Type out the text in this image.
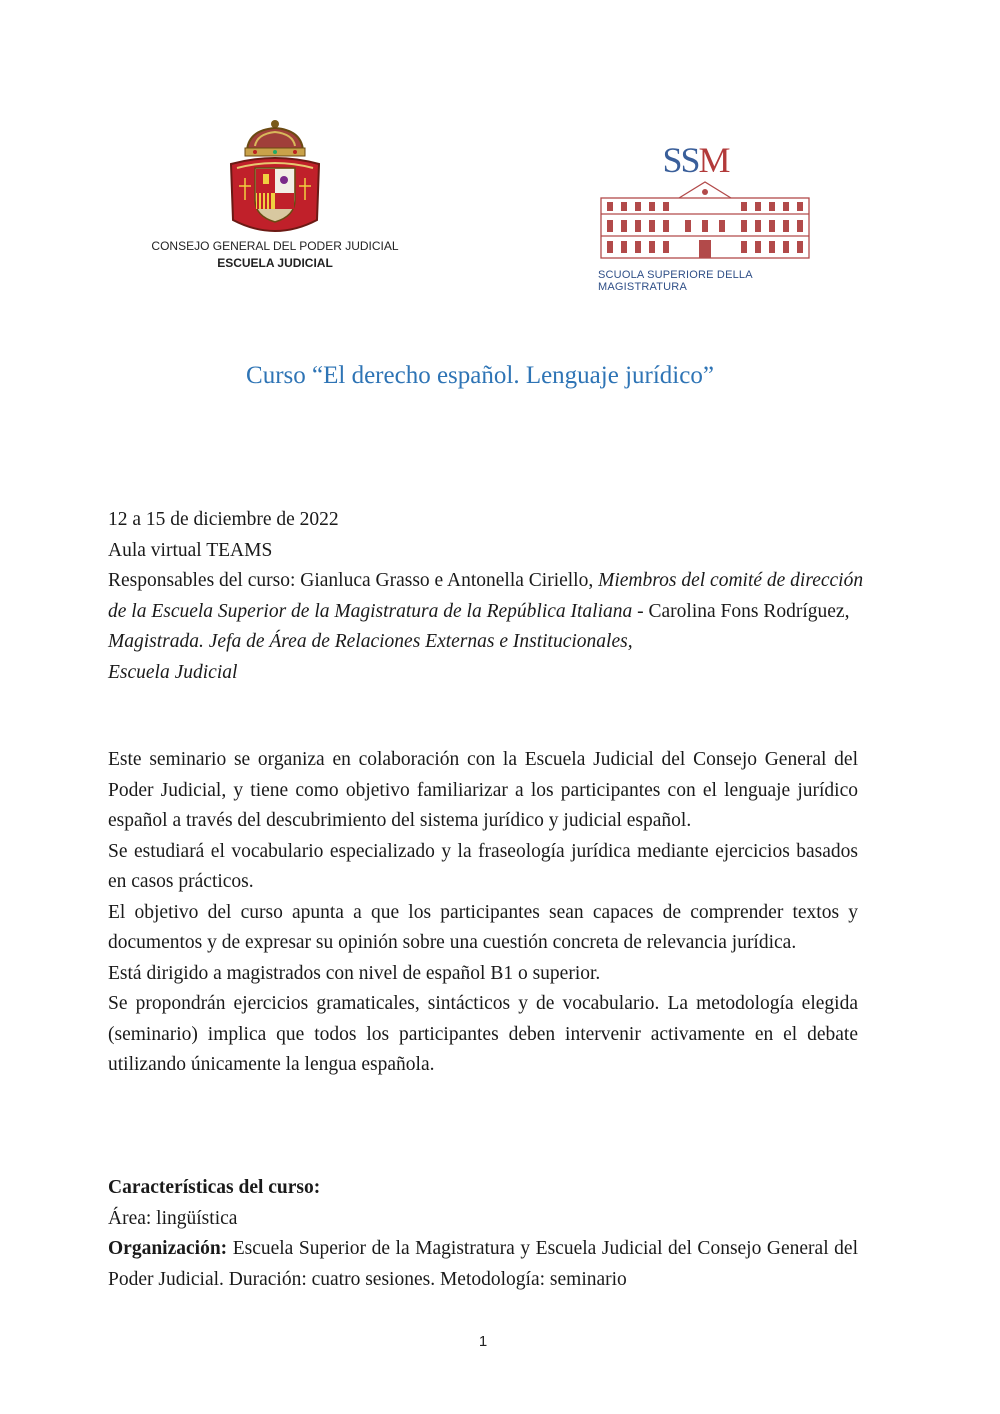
CONSEJO GENERAL DEL PODER JUDICIAL
ESCUELA JUDICIAL
SSM
SCUOLA SUPERIORE DELLA MAGISTRATURA
Curso “El derecho español. Lenguaje jurídico”

12 a 15 de diciembre de 2022

Aula virtual TEAMS

Responsables del curso: Gianluca Grasso e Antonella Ciriello, Miembros del comité de dirección de la Escuela Superior de la Magistratura de la República Italiana - Carolina Fons Rodríguez, Magistrada. Jefa de Área de Relaciones Externas e Institucionales,
Escuela Judicial

Este seminario se organiza en colaboración con la Escuela Judicial del Consejo General del Poder Judicial, y tiene como objetivo familiarizar a los participantes con el lenguaje jurídico español a través del descubrimiento del sistema jurídico y judicial español.

Se estudiará el vocabulario especializado y la fraseología jurídica mediante ejercicios basados en casos prácticos.

El objetivo del curso apunta a que los participantes sean capaces de comprender textos y documentos y de expresar su opinión sobre una cuestión concreta de relevancia jurídica.

Está dirigido a magistrados con nivel de español B1 o superior.

Se propondrán ejercicios gramaticales, sintácticos y de vocabulario. La metodología elegida (seminario) implica que todos los participantes deben intervenir activamente en el debate utilizando únicamente la lengua española.

Características del curso:

Área: lingüística

Organización: Escuela Superior de la Magistratura y Escuela Judicial del Consejo General del Poder Judicial. Duración: cuatro sesiones. Metodología: seminario

1
